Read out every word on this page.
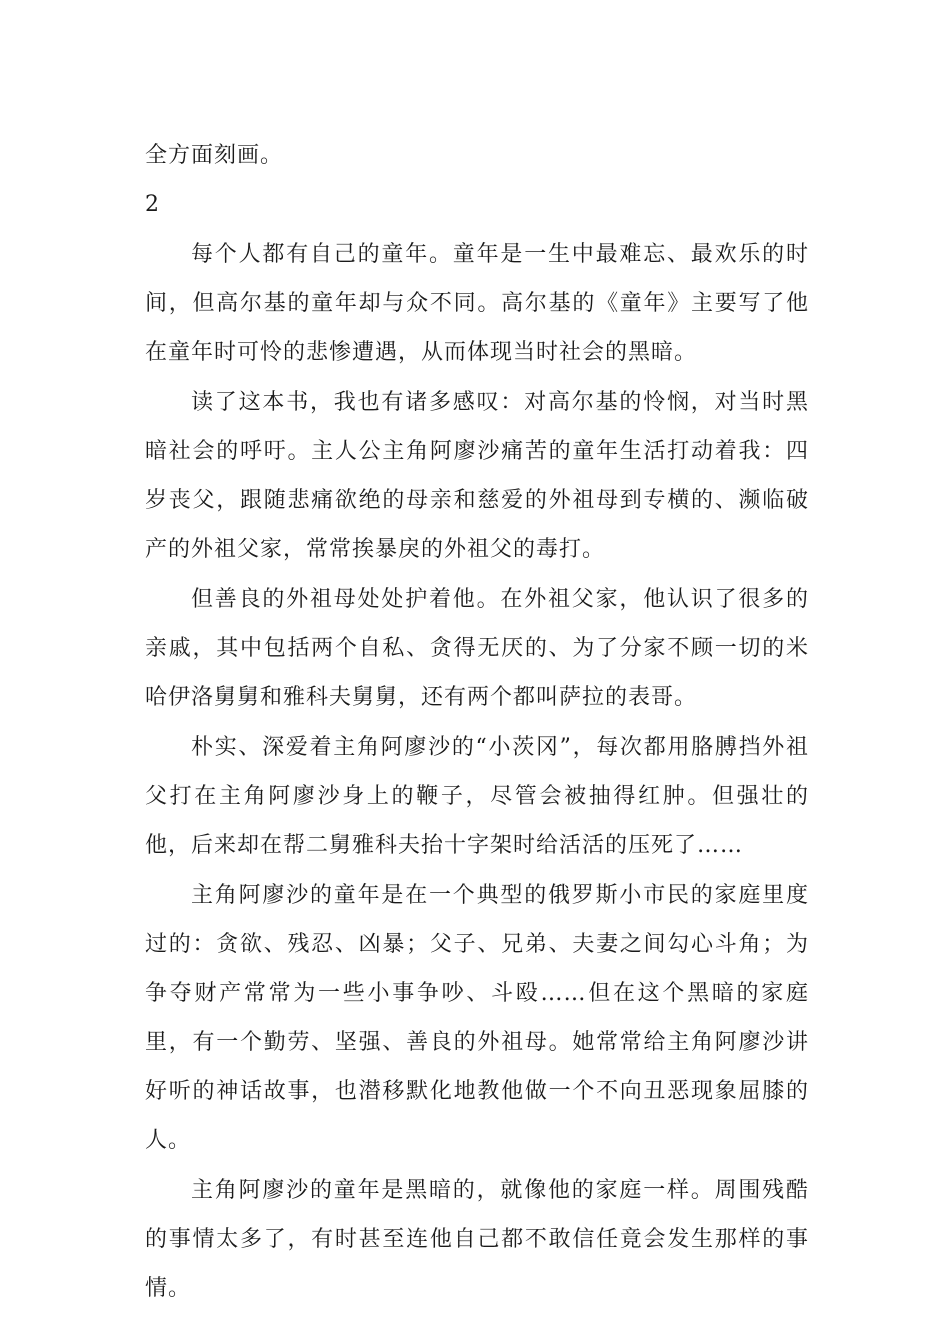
全方面刻画。

2

每个人都有自己的童年。童年是一生中最难忘、最欢乐的时间，但高尔基的童年却与众不同。高尔基的《童年》主要写了他在童年时可怜的悲惨遭遇，从而体现当时社会的黑暗。

读了这本书，我也有诸多感叹：对高尔基的怜悯，对当时黑暗社会的呼吁。主人公主角阿廖沙痛苦的童年生活打动着我：四岁丧父，跟随悲痛欲绝的母亲和慈爱的外祖母到专横的、濒临破产的外祖父家，常常挨暴戾的外祖父的毒打。

但善良的外祖母处处护着他。在外祖父家，他认识了很多的亲戚，其中包括两个自私、贪得无厌的、为了分家不顾一切的米哈伊洛舅舅和雅科夫舅舅，还有两个都叫萨拉的表哥。

朴实、深爱着主角阿廖沙的“小茨冈”，每次都用胳膊挡外祖父打在主角阿廖沙身上的鞭子，尽管会被抽得红肿。但强壮的他，后来却在帮二舅雅科夫抬十字架时给活活的压死了……

主角阿廖沙的童年是在一个典型的俄罗斯小市民的家庭里度过的：贪欲、残忍、凶暴；父子、兄弟、夫妻之间勾心斗角；为争夺财产常常为一些小事争吵、斗殴……但在这个黑暗的家庭里，有一个勤劳、坚强、善良的外祖母。她常常给主角阿廖沙讲好听的神话故事，也潜移默化地教他做一个不向丑恶现象屈膝的人。

主角阿廖沙的童年是黑暗的，就像他的家庭一样。周围残酷的事情太多了，有时甚至连他自己都不敢信任竟会发生那样的事情。
